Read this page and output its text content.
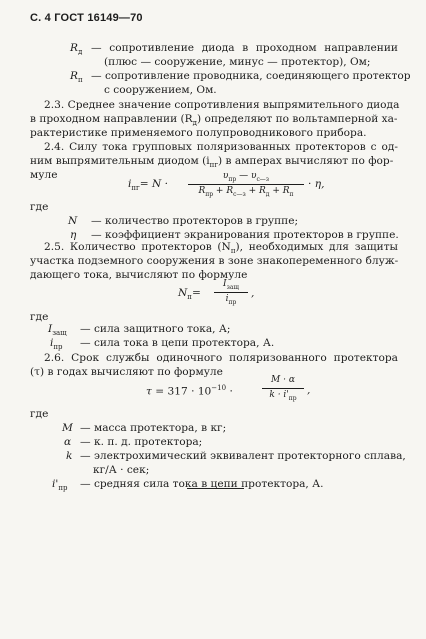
С. 4 ГОСТ 16149—70
$R_д$ — сопротивление диода в проходном направлении
(плюс — сооружение, минус — протектор), Ом;
$R_п$ — сопротивление проводника, соединяющего протектор
с сооружением, Ом.
2.3. Среднее значение сопротивления выпрямительного диода
в проходном направлении $(R_д)$ определяют по вольтамперной ха-
рактеристике применяемого полупроводникового прибора.
2.4. Силу тока групповых поляризованных протекторов с од-
ним выпрямительным диодом $(i_{пг})$ в амперах вычисляют по фор-
муле
$i_{пг}= N$ ·
$\upsilon_{пр}$ — $\upsilon_{с—з}$
$R_{пр} + R_{с—з} + R_д + R_п$
· η,
где
N — количество протекторов в группе;
η — коэффициент экранирования протекторов в группе.
2.5. Количество протекторов $(N_п)$, необходимых для защиты
участка подземного сооружения в зоне знакопеременного блуж-
дающего тока, вычисляют по формуле
$N_п=$
$I_{защ}$
$i_{пр}$
,
где
$I_{защ}$ — сила защитного тока, А;
$i_{пр}$ — сила тока в цепи протектора, А.
2.6. Срок службы одиночного поляризованного протектора
(τ) в годах вычисляют по формуле
$\tau = 317 \cdot 10^{-10}$ ·
M · α
$k \cdot i'_{пр}$
,
где
M — масса протектора, в кг;
α — к. п. д. протектора;
k — электрохимический эквивалент протекторного сплава,
кг/А · сек;
$i'_{пр}$ — средняя сила тока в цепи протектора, А.
